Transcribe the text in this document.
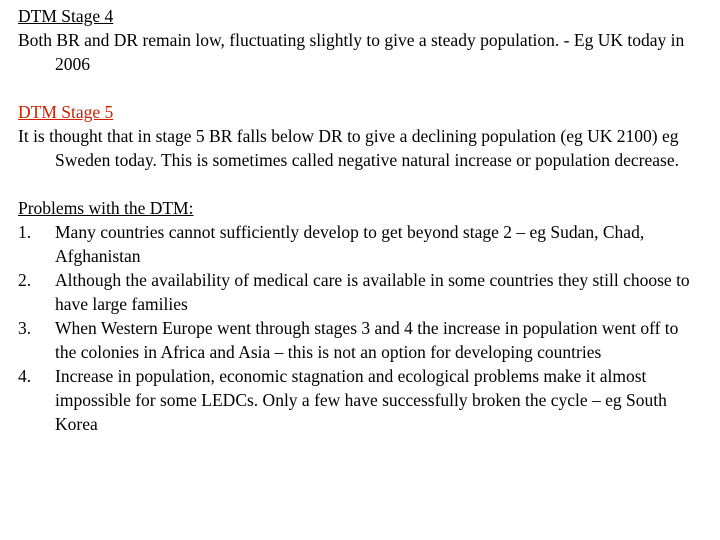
DTM Stage 4
Both BR and DR remain low, fluctuating slightly to give a steady population. - Eg UK today in 2006
DTM Stage 5
It is thought that in stage 5 BR falls below DR to give a declining population (eg UK 2100) eg Sweden today. This is sometimes called negative natural increase or population decrease.
Problems with the DTM:
1. Many countries cannot sufficiently develop to get beyond stage 2 – eg Sudan, Chad, Afghanistan
2. Although the availability of medical care is available in some countries they still choose to have large families
3. When Western Europe went through stages 3 and 4 the increase in population went off to the colonies in Africa and Asia – this is not an option for developing countries
4. Increase in population, economic stagnation and ecological problems make it almost impossible for some LEDCs. Only a few have successfully broken the cycle – eg South Korea
